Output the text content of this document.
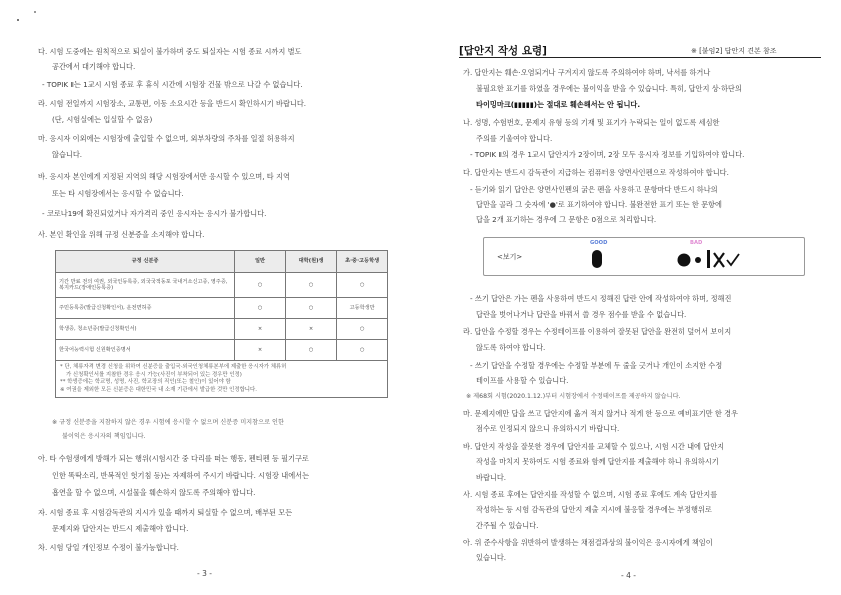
다. 시험 도중에는 원칙적으로 퇴실이 불가하며 중도 퇴실자는 시험 종료 시까지 별도
공간에서 대기해야 합니다.
- TOPIK Ⅱ는 1교시 시험 종료 후 휴식 시간에 시험장 건물 밖으로 나갈 수 없습니다.
라. 시험 전일까지 시험장소, 교통편, 이동 소요시간 등을 반드시 확인하시기 바랍니다.
(단, 시험실에는 입실할 수 없음)
마. 응시자 이외에는 시험장에 출입할 수 없으며, 외부차량의 주차를 일절 허용하지
않습니다.
바. 응시자 본인에게 지정된 지역의 해당 시험장에서만 응시할 수 있으며, 타 지역
또는 타 시험장에서는 응시할 수 없습니다.
- 코로나19에 확진되었거나 자가격리 중인 응시자는 응시가 불가합니다.
사. 본인 확인을 위해 규정 신분증을 소지해야 합니다.
규정 신분증	일반	대학(원)생	초·중·고등학생
기간 만료 전의 여권, 외국인등록증, 외국국적동포 국내거소신고증, 영주증, 복지카드(장애인등록증)	○	○	○
주민등록증(발급신청확인서), 운전면허증	○	○	고등학생만
학생증, 청소년증(발급신청확인서)	×	×	○
한국어능력시험 신원확인증명서	×	○	○

* 단, 체류자격 변경 신청을 위하여 신분증을 출입국·외국인청체류본부에 제출한 응시자가 체류허
가 신청확인서를 지참한 경우 응시 가능(사진이 부착되어 있는 경우만 인정)
** 학생증에는 학교명, 성명, 사진, 학교장의 직인(또는 철인)이 있어야 함
※ 여권을 제외한 모든 신분증은 대한민국 내 소재 기관에서 발급한 것만 인정합니다.			
※ 규정 신분증을 지참하지 않은 경우 시험에 응시할 수 없으며 신분증 미지참으로 인한
불이익은 응시자의 책임입니다.
아. 타 수험생에게 방해가 되는 행위(시험시간 중 다리를 떠는 행동, 펜티펜 등 필기구로
인한 똑딱소리, 반복적인 헛기침 등)는 자제하여 주시기 바랍니다. 시험장 내에서는
흡연을 할 수 없으며, 시설물을 훼손하지 않도록 주의해야 합니다.
자. 시험 종료 후 시험감독관의 지시가 있을 때까지 퇴실할 수 없으며, 배부된 모든
문제지와 답안지는 반드시 제출해야 합니다.
차. 시험 당일 개인정보 수정이 불가능합니다.
- 3 -
[답안지 작성 요령]	※ [붙임2] 답안지 견본 참조
가. 답안지는 훼손·오염되거나 구겨지지 않도록 주의하여야 하며, 낙서를 하거나
불필요한 표기를 하였을 경우에는 불이익을 받을 수 있습니다. 특히, 답안지 상·하단의
타이밍마크(▮▮▮▮▮)는 절대로 훼손해서는 안 됩니다.
나. 성명, 수험번호, 문제지 유형 등의 기재 및 표기가 누락되는 일이 없도록 세심한
주의를 기울여야 합니다.
- TOPIK Ⅱ의 경우 1교시 답안지가 2장이며, 2장 모두 응시자 정보를 기입하여야 합니다.
다. 답안지는 반드시 감독관이 지급하는 컴퓨터용 양면사인펜으로 작성하여야 합니다.
- 듣기와 읽기 답안은 양면사인펜의 굵은 펜을 사용하고 문항마다 반드시 하나의
답만을 골라 그 숫자에 '●'로 표기하여야 합니다. 불완전한 표기 또는 한 문항에
답을 2개 표기하는 경우에 그 문항은 0점으로 처리합니다.
<보기>
GOOD	BAD
- 쓰기 답안은 가는 펜을 사용하여 반드시 정해진 답란 안에 작성하여야 하며, 정해진
답란을 벗어나거나 답란을 바꿔서 쓸 경우 점수를 받을 수 없습니다.
라. 답안을 수정할 경우는 수정테이프를 이용하여 잘못된 답안을 완전히 덮어서 보이지
않도록 하여야 합니다.
- 쓰기 답안을 수정할 경우에는 수정할 부분에 두 줄을 긋거나 개인이 소지한 수정
테이프를 사용할 수 있습니다.
※ 제68회 시험(2020.1.12.)부터 시험장에서 수정테이프를 제공하지 않습니다.
마. 문제지에만 답을 쓰고 답안지에 옮겨 적지 않거나 적게 한 등으로 예비표기만 한 경우
점수로 인정되지 않으니 유의하시기 바랍니다.
바. 답안지 작성을 잘못한 경우에 답안지를 교체할 수 있으나, 시험 시간 내에 답안지
작성을 마치지 못하여도 시험 종료와 함께 답안지를 제출해야 하니 유의하시기
바랍니다.
사. 시험 종료 후에는 답안지를 작성할 수 없으며, 시험 종료 후에도 계속 답안지를
작성하는 등 시험 감독관의 답안지 제출 지시에 불응할 경우에는 부정행위로
간주될 수 있습니다.
아. 위 준수사항을 위반하여 발생하는 채점결과상의 불이익은 응시자에게 책임이
있습니다.
- 4 -
